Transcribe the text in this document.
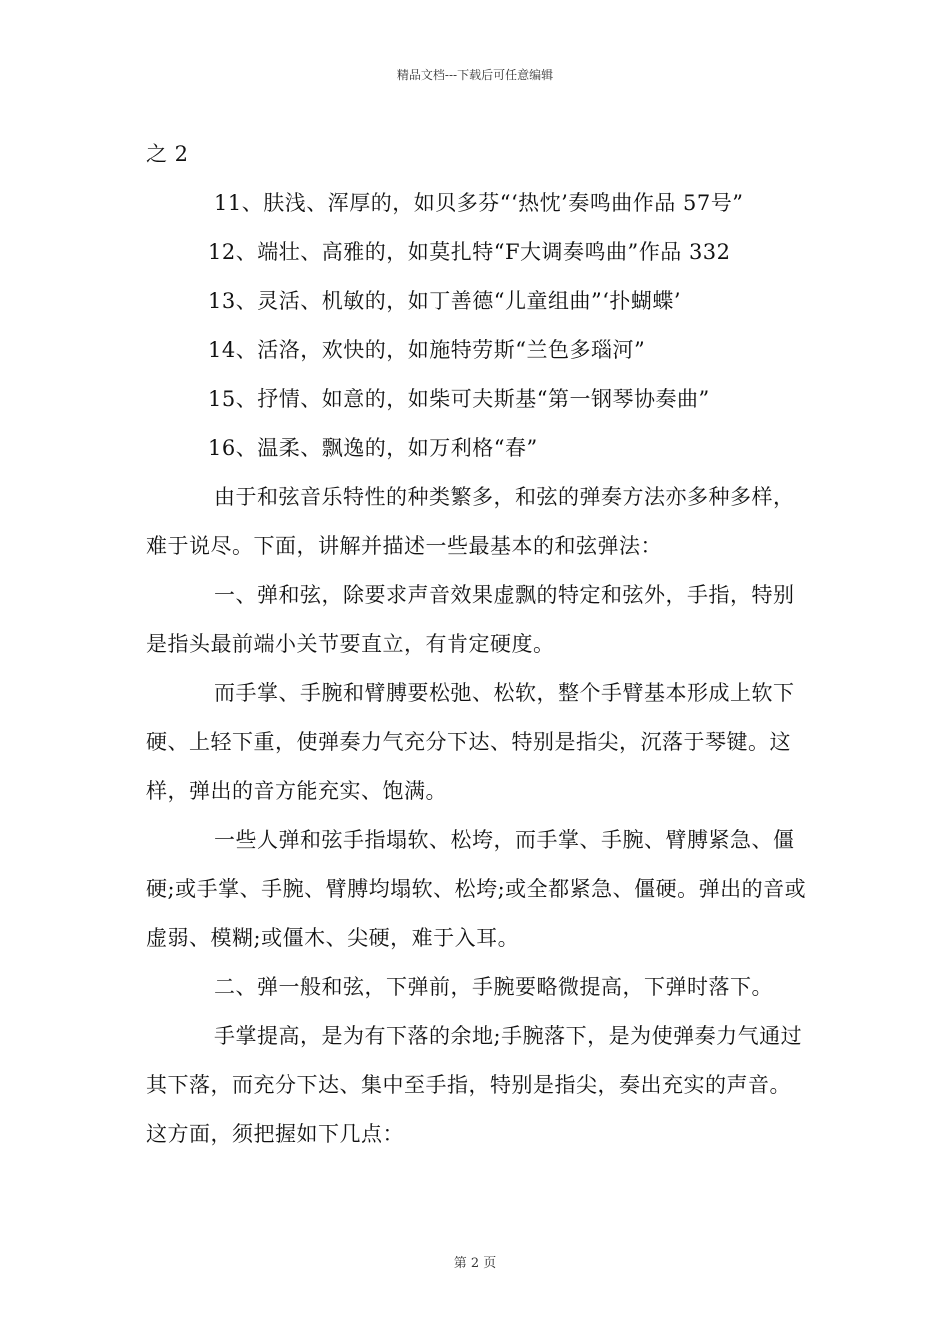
精品文档---下载后可任意编辑

之 2

11、肤浅、浑厚的，如贝多芬“‘热忱’奏鸣曲作品 57号”

12、端壮、高雅的，如莫扎特“F大调奏鸣曲”作品 332

13、灵活、机敏的，如丁善德“儿童组曲”‘扑蝴蝶’

14、活洛，欢快的，如施特劳斯“兰色多瑙河”

15、抒情、如意的，如柴可夫斯基“第一钢琴协奏曲”

16、温柔、飘逸的，如万利格“春”

由于和弦音乐特性的种类繁多，和弦的弹奏方法亦多种多样，难于说尽。下面，讲解并描述一些最基本的和弦弹法：

一、弹和弦，除要求声音效果虚飘的特定和弦外，手指，特别是指头最前端小关节要直立，有肯定硬度。

而手掌、手腕和臂膊要松弛、松软，整个手臂基本形成上软下硬、上轻下重，使弹奏力气充分下达、特别是指尖，沉落于琴键。这样，弹出的音方能充实、饱满。

一些人弹和弦手指塌软、松垮，而手掌、手腕、臂膊紧急、僵硬;或手掌、手腕、臂膊均塌软、松垮;或全都紧急、僵硬。弹出的音或虚弱、模糊;或僵木、尖硬，难于入耳。

二、弹一般和弦，下弹前，手腕要略微提高，下弹时落下。

手掌提高，是为有下落的余地;手腕落下，是为使弹奏力气通过其下落，而充分下达、集中至手指，特别是指尖，奏出充实的声音。这方面，须把握如下几点：

第 2 页
